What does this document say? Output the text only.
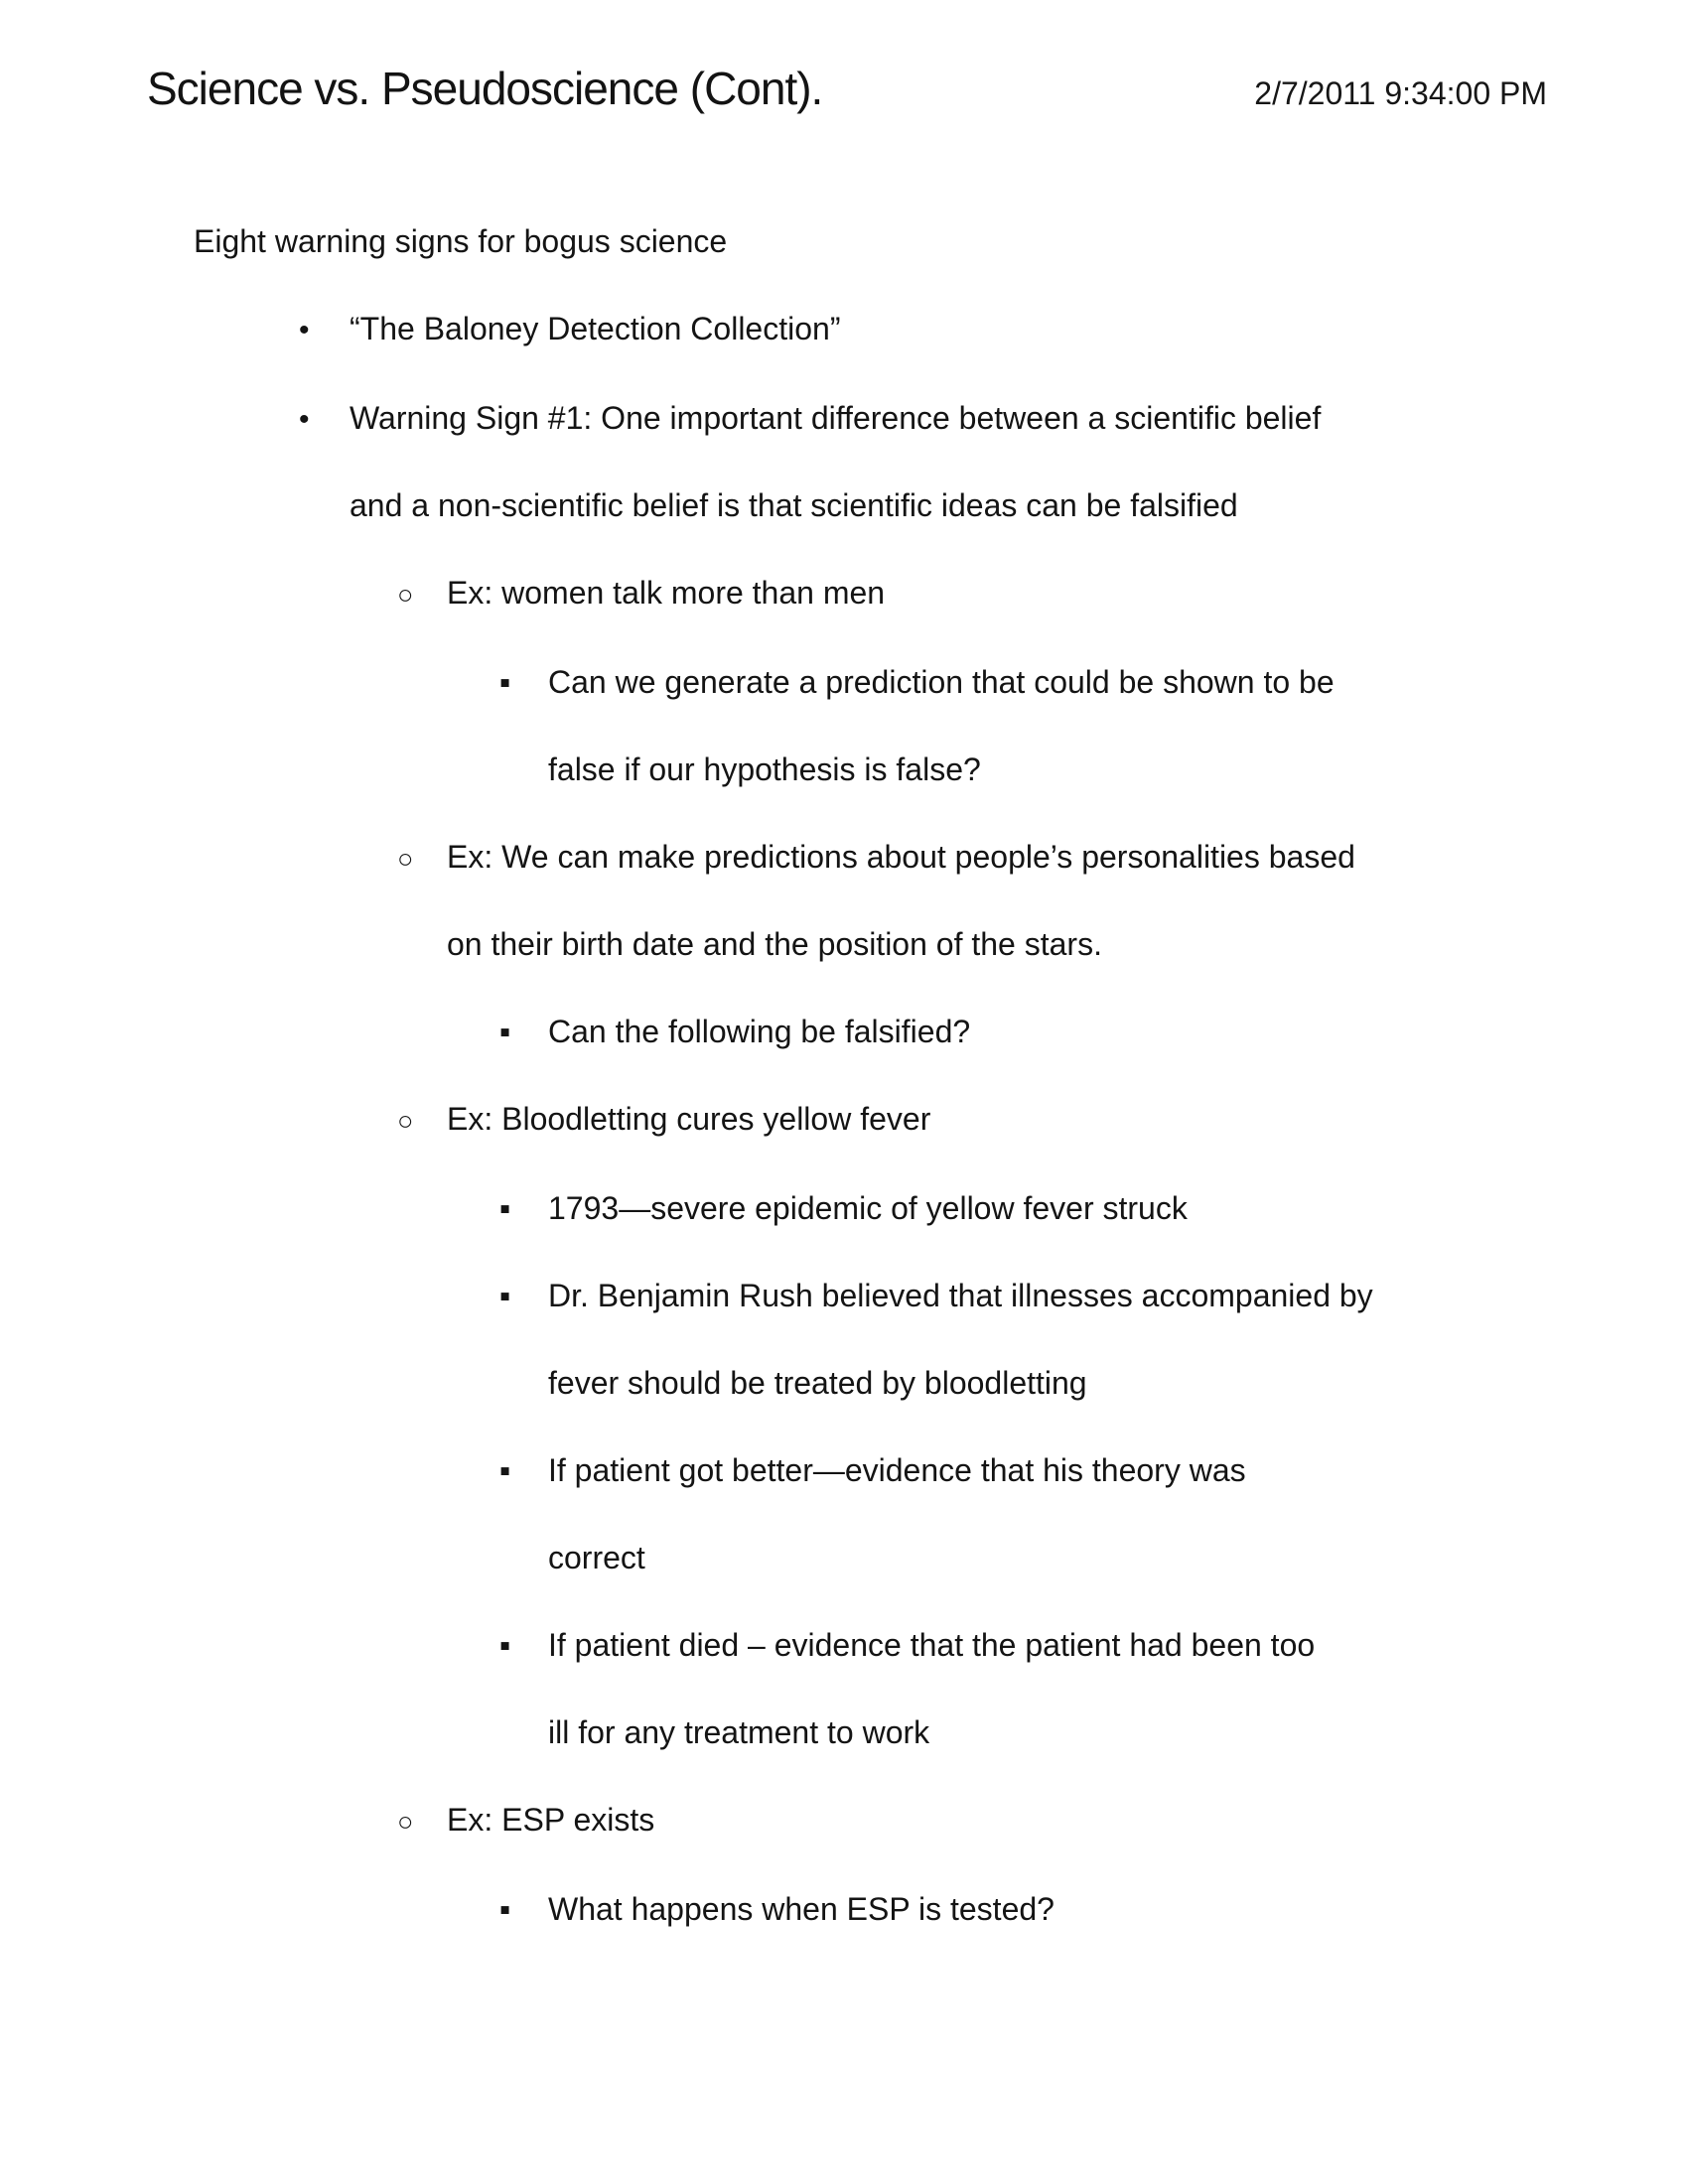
Science vs. Pseudoscience (Cont).	2/7/2011 9:34:00 PM
Eight warning signs for bogus science
•	“The Baloney Detection Collection”
•	Warning Sign #1: One important difference between a scientific belief
and a non-scientific belief is that scientific ideas can be falsified
○	Ex: women talk more than men
▪	Can we generate a prediction that could be shown to be
false if our hypothesis is false?
○	Ex: We can make predictions about people’s personalities based
on their birth date and the position of the stars.
▪	Can the following be falsified?
○	Ex: Bloodletting cures yellow fever
▪	1793—severe epidemic of yellow fever struck
▪	Dr. Benjamin Rush believed that illnesses accompanied by
fever should be treated by bloodletting
▪	If patient got better—evidence that his theory was
correct
▪	If patient died – evidence that the patient had been too
ill for any treatment to work
○	Ex: ESP exists
▪	What happens when ESP is tested?
